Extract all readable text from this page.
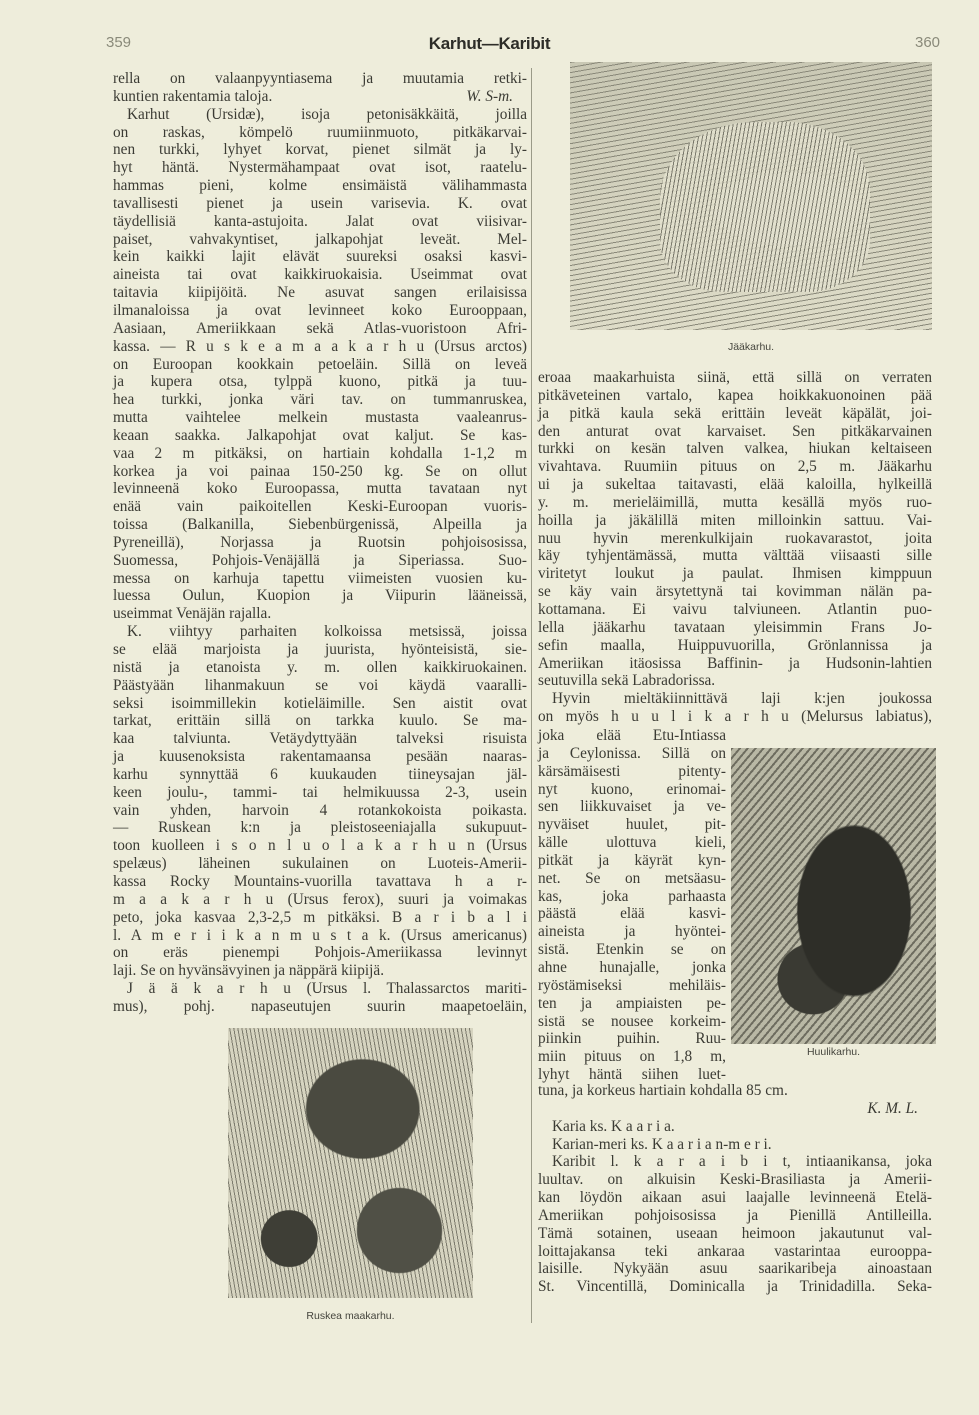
359	Karhut—Karibit	360
rella on valaanpyyntiasema ja muutamia retki-
kuntien rakentamia taloja.	W. S-m.
Karhut (Ursidæ), isoja petonisäkkäitä, joilla
on raskas, kömpelö ruumiinmuoto, pitkäkarvai-
nen turkki, lyhyet korvat, pienet silmät ja ly-
hyt häntä. Nystermähampaat ovat isot, raatelu-
hammas pieni, kolme ensimäistä välihammasta
tavallisesti pienet ja usein varisevia. K. ovat
täydellisiä kanta-astujoita. Jalat ovat viisivar-
paiset, vahvakyntiset, jalkapohjat leveät. Mel-
kein kaikki lajit elävät suureksi osaksi kasvi-
aineista tai ovat kaikkiruokaisia. Useimmat ovat
taitavia kiipijöitä. Ne asuvat sangen erilaisissa
ilmanaloissa ja ovat levinneet koko Eurooppaan,
Aasiaan, Ameriikkaan sekä Atlas-vuoristoon Afri-
kassa. — R u s k e a m a a k a r h u (Ursus arctos)
on Euroopan kookkain petoeläin. Sillä on leveä
ja kupera otsa, tylppä kuono, pitkä ja tuu-
hea turkki, jonka väri tav. on tummanruskea,
mutta vaihtelee melkein mustasta vaaleanrus-
keaan saakka. Jalkapohjat ovat kaljut. Se kas-
vaa 2 m pitkäksi, on hartiain kohdalla 1-1,2 m
korkea ja voi painaa 150-250 kg. Se on ollut
levinneenä koko Euroopassa, mutta tavataan nyt
enää vain paikoitellen Keski-Euroopan vuoris-
toissa (Balkanilla, Siebenbürgenissä, Alpeilla ja
Pyreneillä), Norjassa ja Ruotsin pohjoisosissa,
Suomessa, Pohjois-Venäjällä ja Siperiassa. Suo-
messa on karhuja tapettu viimeisten vuosien ku-
luessa Oulun, Kuopion ja Viipurin lääneissä,
useimmat Venäjän rajalla.
K. viihtyy parhaiten kolkoissa metsissä, joissa
se elää marjoista ja juurista, hyönteisistä, sie-
nistä ja etanoista y. m. ollen kaikkiruokainen.
Päästyään lihanmakuun se voi käydä vaaralli-
seksi isoimmillekin kotieläimille. Sen aistit ovat
tarkat, erittäin sillä on tarkka kuulo. Se ma-
kaa talviunta. Vetäydyttyään talveksi risuista
ja kuusenoksista rakentamaansa pesään naaras-
karhu synnyttää 6 kuukauden tiineysajan jäl-
keen joulu-, tammi- tai helmikuussa 2-3, usein
vain yhden, harvoin 4 rotankokoista poikasta.
— Ruskean k:n ja pleistoseeniajalla sukupuut-
toon kuolleen i s o n l u o l a k a r h u n (Ursus
spelæus) läheinen sukulainen on Luoteis-Amerii-
kassa Rocky Mountains-vuorilla tavattava h a r-
m a a k a r h u (Ursus ferox), suuri ja voimakas
peto, joka kasvaa 2,3-2,5 m pitkäksi. B a r i b a l i
l. A m e r i i k a n m u s t a k. (Ursus americanus)
on eräs pienempi Pohjois-Ameriikassa levinnyt
laji. Se on hyvänsävyinen ja näppärä kiipijä.
J ä ä k a r h u (Ursus l. Thalassarctos mariti-
mus), pohj. napaseutujen suurin maapetoeläin,
Jääkarhu.
Ruskea maakarhu.
eroaa maakarhuista siinä, että sillä on verraten
pitkäveteinen vartalo, kapea hoikkakuonoinen pää
ja pitkä kaula sekä erittäin leveät käpälät, joi-
den anturat ovat karvaiset. Sen pitkäkarvainen
turkki on kesän talven valkea, hiukan keltaiseen
vivahtava. Ruumiin pituus on 2,5 m. Jääkarhu
ui ja sukeltaa taitavasti, elää kaloilla, hylkeillä
y. m. merieläimillä, mutta kesällä myös ruo-
hoilla ja jäkälillä miten milloinkin sattuu. Vai-
nuu hyvin merenkulkijain ruokavarastot, joita
käy tyhjentämässä, mutta välttää viisaasti sille
viritetyt loukut ja paulat. Ihmisen kimppuun
se käy vain ärsytettynä tai kovimman nälän pa-
kottamana. Ei vaivu talviuneen. Atlantin puo-
lella jääkarhu tavataan yleisimmin Frans Jo-
sefin maalla, Huippuvuorilla, Grönlannissa ja
Ameriikan itäosissa Baffinin- ja Hudsonin-lahtien
seutuvilla sekä Labradorissa.
Hyvin mieltäkiinnittävä laji k:jen joukossa
on myös h u u l i k a r h u (Melursus labiatus),
joka elää Etu-Intiassa
ja Ceylonissa. Sillä on
kärsämäisesti pitenty-
nyt kuono, erinomai-
sen liikkuvaiset ja ve-
nyväiset huulet, pit-
källe ulottuva kieli,
pitkät ja käyrät kyn-
net. Se on metsäasu-
kas, joka parhaasta
päästä elää kasvi-
aineista ja hyöntei-
sistä. Etenkin se on
ahne hunajalle, jonka
ryöstämiseksi mehiläis-
ten ja ampiaisten pe-
sistä se nousee korkeim-
piinkin puihin. Ruu-
miin pituus on 1,8 m,
lyhyt häntä siihen luet-
Huulikarhu.
tuna, ja korkeus hartiain kohdalla 85 cm.
K. M. L.
Karia ks. K a a r i a.
Karian-meri ks. K a a r i a n-m e r i.
Karibit l. k a r a i b i t, intiaanikansa, joka
luultav. on alkuisin Keski-Brasiliasta ja Amerii-
kan löydön aikaan asui laajalle levinneenä Etelä-
Ameriikan pohjoisosissa ja Pienillä Antilleilla.
Tämä sotainen, useaan heimoon jakautunut val-
loittajakansa teki ankaraa vastarintaa eurooppa-
laisille. Nykyään asuu saarikaribeja ainoastaan
St. Vincentillä, Dominicalla ja Trinidadilla. Seka-
